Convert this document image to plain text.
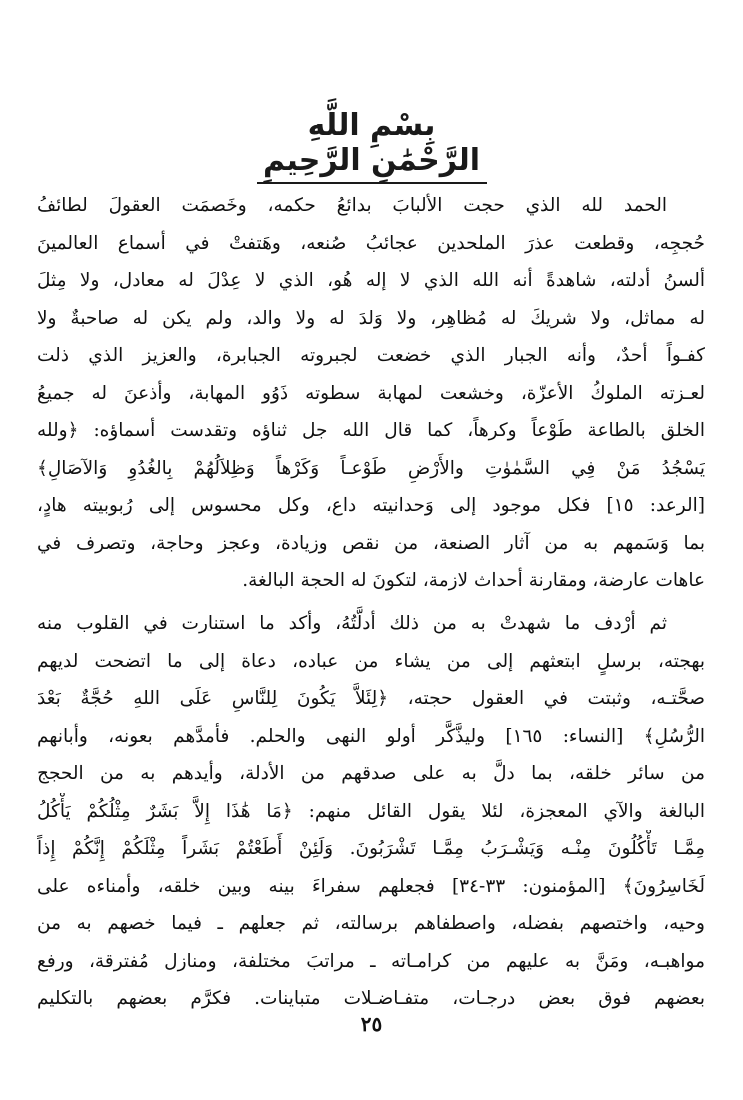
بِسْمِ اللَّهِ الرَّحْمَٰنِ الرَّحِيمِ
الحمد لله الذي حجت الألبابَ بدائعُ حكمه، وخَصمَت العقولَ لطائفُ
حُججِه، وقطعت عذرَ الملحدين عجائبُ صُنعه، وهَتفتْ في أسماع العالمينَ
ألسنُ أدلته، شاهدةً أنه الله الذي لا إله هُو، الذي لا عِدْلَ له معادل، ولا مِثلَ
له مماثل، ولا شريكَ له مُظاهِر، ولا وَلدَ له ولا والد، ولم يكن له صاحبةٌ ولا
كفـواً أحدٌ، وأنه الجبار الذي خضعت لجبروته الجبابرة، والعزيز الذي ذلت
لعـزته الملوكُ الأعزّة، وخشعت لمهابة سطوته ذَوُو المهابة، وأذعنَ له جميعُ
الخلق بالطاعة طَوْعاً وكرهاً، كما قال الله جل ثناؤه وتقدست أسماؤه: ﴿ولله
يَسْجُدُ مَنْ فِي السَّمٰوٰتِ والأَرْضِ طَوْعـاً وَكَرْهاً وَظِلاَلُهُمْ بِالغُدُوِ وَالآصَالِ﴾
[الرعد: ١٥] فكل موجود إلى وَحدانيته داع، وكل محسوس إلى رُبوبيته هادٍ،
بما وَسَمهم به من آثار الصنعة، من نقص وزيادة، وعجز وحاجة، وتصرف في
عاهات عارضة، ومقارنة أحداث لازمة، لتكونَ له الحجة البالغة.
ثم أرْدف ما شهدتْ به من ذلك أدلَّتُهُ، وأكد ما استنارت في القلوب منه
بهجته، برسلٍ ابتعثهم إلى من يشاء من عباده، دعاة إلى ما اتضحت لديهم
صحَّتـه، وثبتت في العقول حجته، ﴿لِئَلاَّ يَكُونَ لِلنَّاسِ عَلَى اللهِ حُجَّةٌ بَعْدَ
الرُّسُلِ﴾ [النساء: ١٦٥] وليذَّكَّر أولو النهى والحلم. فأمدَّهم بعونه، وأبانهم
من سائر خلقه، بما دلَّ به على صدقهم من الأدلة، وأيدهم به من الحجج
البالغة والآي المعجزة، لئلا يقول القائل منهم: ﴿مَا هَٰذَا إِلاَّ بَشَرٌ مِثْلُكُمْ يَأْكُلُ
مِمَّـا تَأْكُلُونَ مِنْـه وَيَشْـرَبُ مِمَّـا تَشْرَبُونَ. وَلَئِنْ أَطَعْتُمْ بَشَراً مِثْلَكُمْ إِنَّكُمْ إِذاً
لَخَاسِرُونَ﴾ [المؤمنون: ٣٣-٣٤] فجعلهم سفراءَ بينه وبين خلقه، وأمناءه على
وحيه، واختصهم بفضله، واصطفاهم برسالته، ثم جعلهم ـ فيما خصهم به من
مواهبـه، ومَنَّ به عليهم من كرامـاته ـ مراتبَ مختلفة، ومنازل مُفترقة، ورفع
بعضهم فوق بعض درجـات، متفـاضـلات متباينات. فكرَّم بعضهم بالتكليم
٢٥
